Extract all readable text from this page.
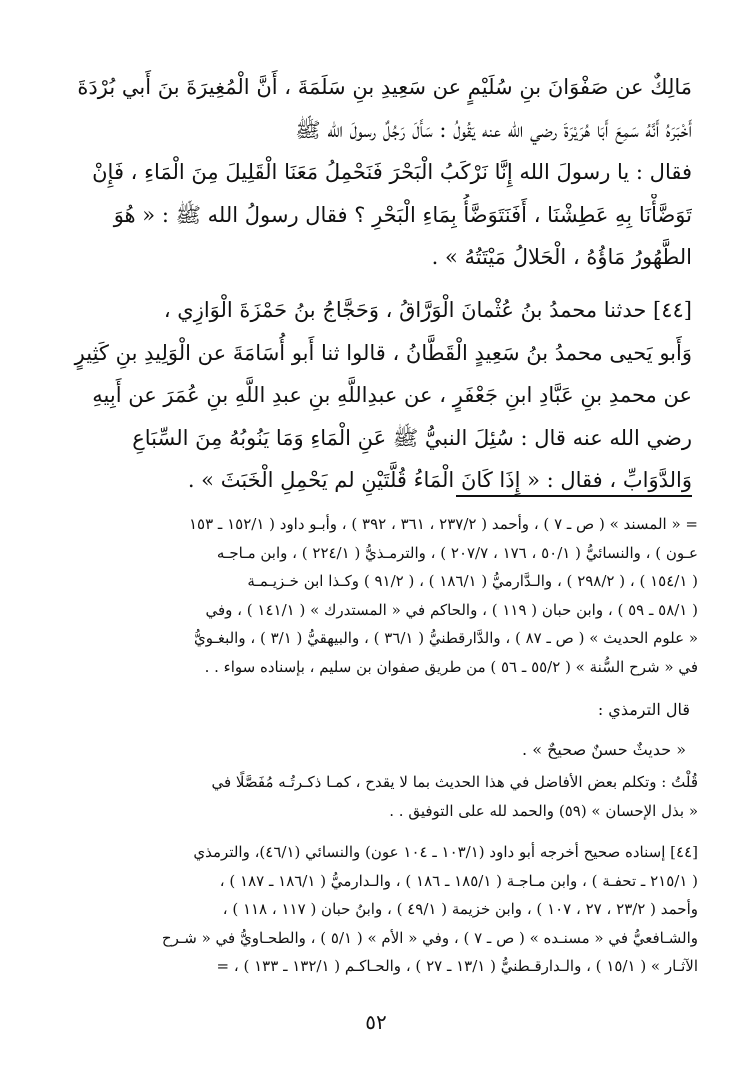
مَالِكٌ عن صَفْوَانَ بنِ سُلَيْمٍ عن سَعِيدِ بنِ سَلَمَةَ ، أَنَّ الْمُغِيرَةَ بنَ أَبي بُرْدَةَ
أَخْبَرَهُ أَنَّهُ سَمِعَ أَبَا هُرَيْرَةَ رضي الله عنه يَقُولُ : سَأَلَ رَجُلٌ رسولَ الله ﷺ
فقال : يا رسولَ الله إِنَّا نَرْكَبُ الْبَحْرَ فَنَحْمِلُ مَعَنَا الْقَلِيلَ مِنَ الْمَاءِ ، فَإِنْ
تَوَضَّأْنَا بِهِ عَطِشْنَا ، أَفَنَتَوَضَّأُ بِمَاءِ الْبَحْرِ ؟ فقال رسولُ الله ﷺ : « هُوَ
الطَّهُورُ مَاؤُهُ ، الْحَلالُ مَيْتَتُهُ » .

[٤٤] حدثنا محمدُ بنُ عُثْمانَ الْوَرَّاقُ ، وَحَجَّاجُ بنُ حَمْزَةَ الْوَازِي ،
وَأَبو يَحيى محمدُ بنُ سَعِيدٍ الْقَطَّانُ ، قالوا ثنا أَبو أُسَامَةَ عن الْوَلِيدِ بنِ كَثِيرٍ
عن محمدِ بنِ عَبَّادِ ابنِ جَعْفَرٍ ، عن عبدِاللَّهِ بنِ عبدِ اللَّهِ بنِ عُمَرَ عن أَبِيهِ
رضي الله عنه قال : سُئِلَ النبيُّ ﷺ عَنِ الْمَاءِ وَمَا يَنُوبُهُ مِنَ السِّبَاعِ
وَالدَّوَابِّ ، فقال : « إِذَا كَانَ الْمَاءُ قُلَّتَيْنِ لم يَحْمِلِ الْخَبَثَ » .

= « المسند » ( ص ـ ٧ ) ، وأحمد ( ٢٣٧/٢ ، ٣٦١ ، ٣٩٢ ) ، وأبـو داود ( ١٥٢/١ ـ ١٥٣
عـون ) ، والنسائيُّ ( ٥٠/١ ، ١٧٦ ، ٢٠٧/٧ ) ، والترمـذيُّ ( ٢٢٤/١ ) ، وابن مـاجـه
( ١٥٤/١ ) ، ( ٢٩٨/٢ ) ، والـدَّارميُّ ( ١٨٦/١ ) ، ( ٩١/٢ ) وكـذا ابن خـزيـمـة
( ٥٨/١ ـ ٥٩ ) ، وابن حبان ( ١١٩ ) ، والحاكم في « المستدرك » ( ١٤١/١ ) ، وفي
« علوم الحديث » ( ص ـ ٨٧ ) ، والدَّارقطنيُّ ( ٣٦/١ ) ، والبيهقيُّ ( ٣/١ ) ، والبغـويُّ
في « شرح السُّنة » ( ٥٥/٢ ـ ٥٦ ) من طريق صفوان بن سليم ، بإسناده سواء . .
قال الترمذي :
« حديثٌ حسنٌ صحيحٌ » .
قُلْتُ : وتكلم بعض الأفاضل في هذا الحديث بما لا يقدح ، كمـا ذكـرتُـه مُفَصَّلًا في
« بذل الإحسان » (٥٩) والحمد لله على التوفيق . .
[٤٤] إسناده صحيح أخرجه أبو داود (١٠٣/١ ـ ١٠٤ عون) والنسائي (٤٦/١)، والترمذي
( ٢١٥/١ ـ تحفـة ) ، وابن مـاجـة ( ١٨٥/١ ـ ١٨٦ ) ، والـدارميُّ ( ١٨٦/١ ـ ١٨٧ ) ،
وأحمد ( ٢٣/٢ ، ٢٧ ، ١٠٧ ) ، وابن خزيمة ( ٤٩/١ ) ، وابنُ حبان ( ١١٧ ، ١١٨ ) ،
والشـافعيُّ في « مسنـده » ( ص ـ ٧ ) ، وفي « الأم » ( ٥/١ ) ، والطحـاويُّ في « شـرح
الآثـار » ( ١٥/١ ) ، والـدارقـطنيُّ ( ١٣/١ ـ ٢٧ ) ، والحـاكـم ( ١٣٢/١ ـ ١٣٣ ) ، =
٥٢
